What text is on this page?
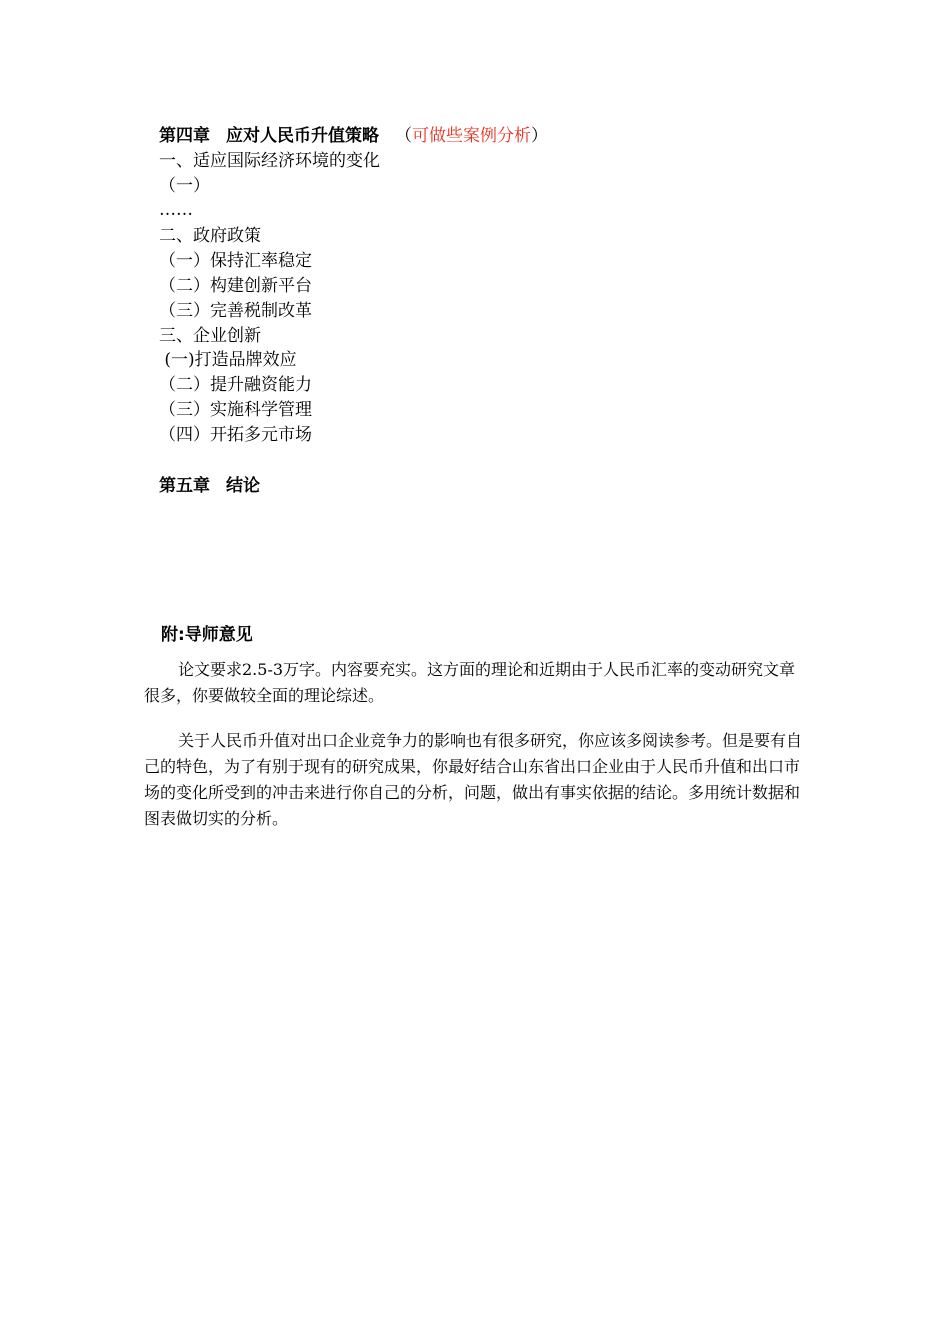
第四章 应对人民币升值策略 （可做些案例分析）
一、适应国际经济环境的变化
（一）
……
二、政府政策
（一）保持汇率稳定
（二）构建创新平台
（三）完善税制改革
三、企业创新
(一)打造品牌效应
（二）提升融资能力
（三）实施科学管理
（四）开拓多元市场
第五章 结论
附:导师意见

论文要求2.5-3万字。内容要充实。这方面的理论和近期由于人民币汇率的变动研究文章很多，你要做较全面的理论综述。

关于人民币升值对出口企业竞争力的影响也有很多研究，你应该多阅读参考。但是要有自己的特色，为了有别于现有的研究成果，你最好结合山东省出口企业由于人民币升值和出口市场的变化所受到的冲击来进行你自己的分析，问题，做出有事实依据的结论。多用统计数据和图表做切实的分析。
